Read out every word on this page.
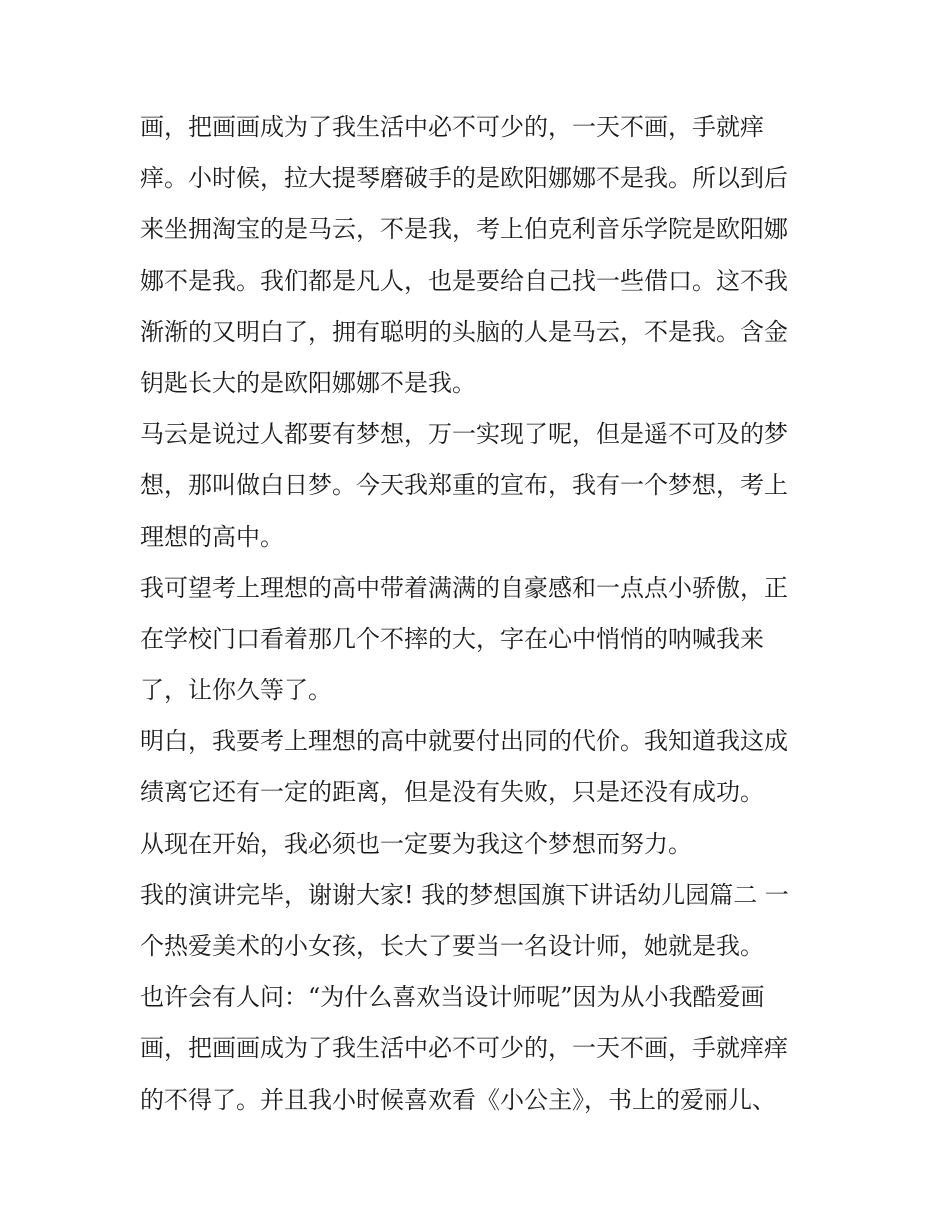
画，把画画成为了我生活中必不可少的，一天不画，手就痒
痒。小时候，拉大提琴磨破手的是欧阳娜娜不是我。所以到后
来坐拥淘宝的是马云，不是我，考上伯克利音乐学院是欧阳娜
娜不是我。我们都是凡人，也是要给自己找一些借口。这不我
渐渐的又明白了，拥有聪明的头脑的人是马云，不是我。含金
钥匙长大的是欧阳娜娜不是我。
马云是说过人都要有梦想，万一实现了呢，但是遥不可及的梦
想，那叫做白日梦。今天我郑重的宣布，我有一个梦想，考上
理想的高中。
我可望考上理想的高中带着满满的自豪感和一点点小骄傲，正
在学校门口看着那几个不摔的大，字在心中悄悄的呐喊我来
了，让你久等了。
明白，我要考上理想的高中就要付出同的代价。我知道我这成
绩离它还有一定的距离，但是没有失败，只是还没有成功。
从现在开始，我必须也一定要为我这个梦想而努力。
我的演讲完毕，谢谢大家! 我的梦想国旗下讲话幼儿园篇二 一
个热爱美术的小女孩，长大了要当一名设计师，她就是我。
也许会有人问：“为什么喜欢当设计师呢”因为从小我酷爱画
画，把画画成为了我生活中必不可少的，一天不画，手就痒痒
的不得了。并且我小时候喜欢看《小公主》，书上的爱丽儿、
